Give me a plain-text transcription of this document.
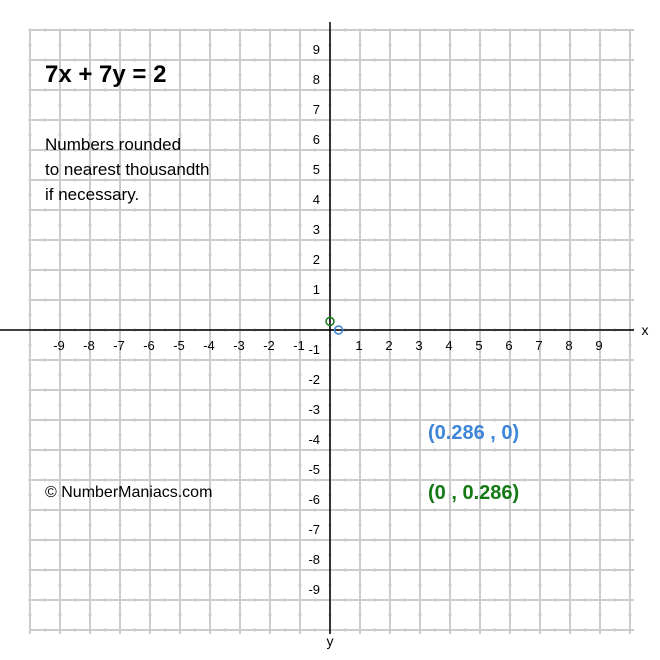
x
y
-9 -8 -7 -6 -5 -4 -3 -2 -1	1 2 3 4 5 6 7 8 9
9
8
7
6
5
4
3
2
1
-1
-2
-3
-4
-5
-6
-7
-8
-9
7x + 7y = 2
Numbers rounded
to nearest thousandth
if necessary.
© NumberManiacs.com
(0.286 , 0)
(0 , 0.286)
